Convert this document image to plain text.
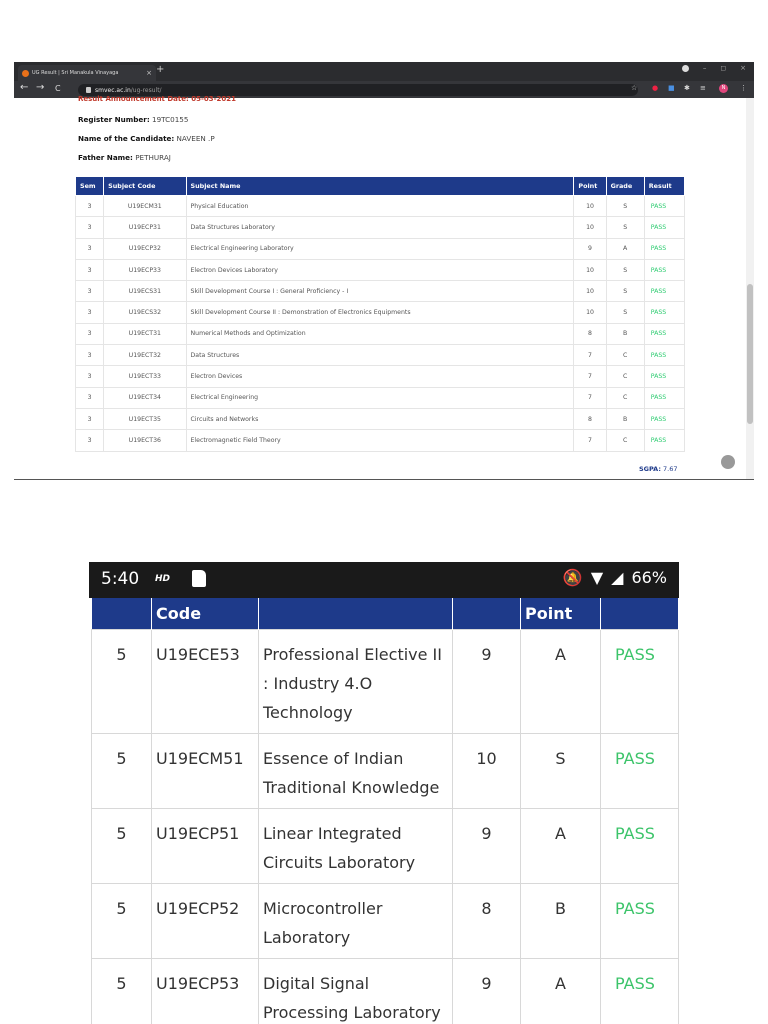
UG Result | Sri Manakula Vinayaga	× +	– ◻ ×
← → C	smvec.ac.in /ug-result/	☆ ● ■ ✱ ≡	N	⋮
Result Announcement Date: 05-03-2021
Register Number: 19TC0155
Name of the Candidate: NAVEEN .P
Father Name: PETHURAJ
Sem	Subject Code	Subject Name	Point	Grade	Result
3	U19ECM31	Physical Education	10	S	PASS
3	U19ECP31	Data Structures Laboratory	10	S	PASS
3	U19ECP32	Electrical Engineering Laboratory	9	A	PASS
3	U19ECP33	Electron Devices Laboratory	10	S	PASS
3	U19ECS31	Skill Development Course I : General Proficiency - I	10	S	PASS
3	U19ECS32	Skill Development Course II : Demonstration of Electronics Equipments	10	S	PASS
3	U19ECT31	Numerical Methods and Optimization	8	B	PASS
3	U19ECT32	Data Structures	7	C	PASS
3	U19ECT33	Electron Devices	7	C	PASS
3	U19ECT34	Electrical Engineering	7	C	PASS
3	U19ECT35	Circuits and Networks	8	B	PASS
3	U19ECT36	Electromagnetic Field Theory	7	C	PASS
SGPA: 7.67
5:40 HD	🔕 ▼ ◢ 66%
	Code			Point	
5	U19ECE53	Professional Elective II : Industry 4.O Technology	9	A	PASS
5	U19ECM51	Essence of Indian Traditional Knowledge	10	S	PASS
5	U19ECP51	Linear Integrated Circuits Laboratory	9	A	PASS
5	U19ECP52	Microcontroller Laboratory	8	B	PASS
5	U19ECP53	Digital Signal Processing Laboratory	9	A	PASS
